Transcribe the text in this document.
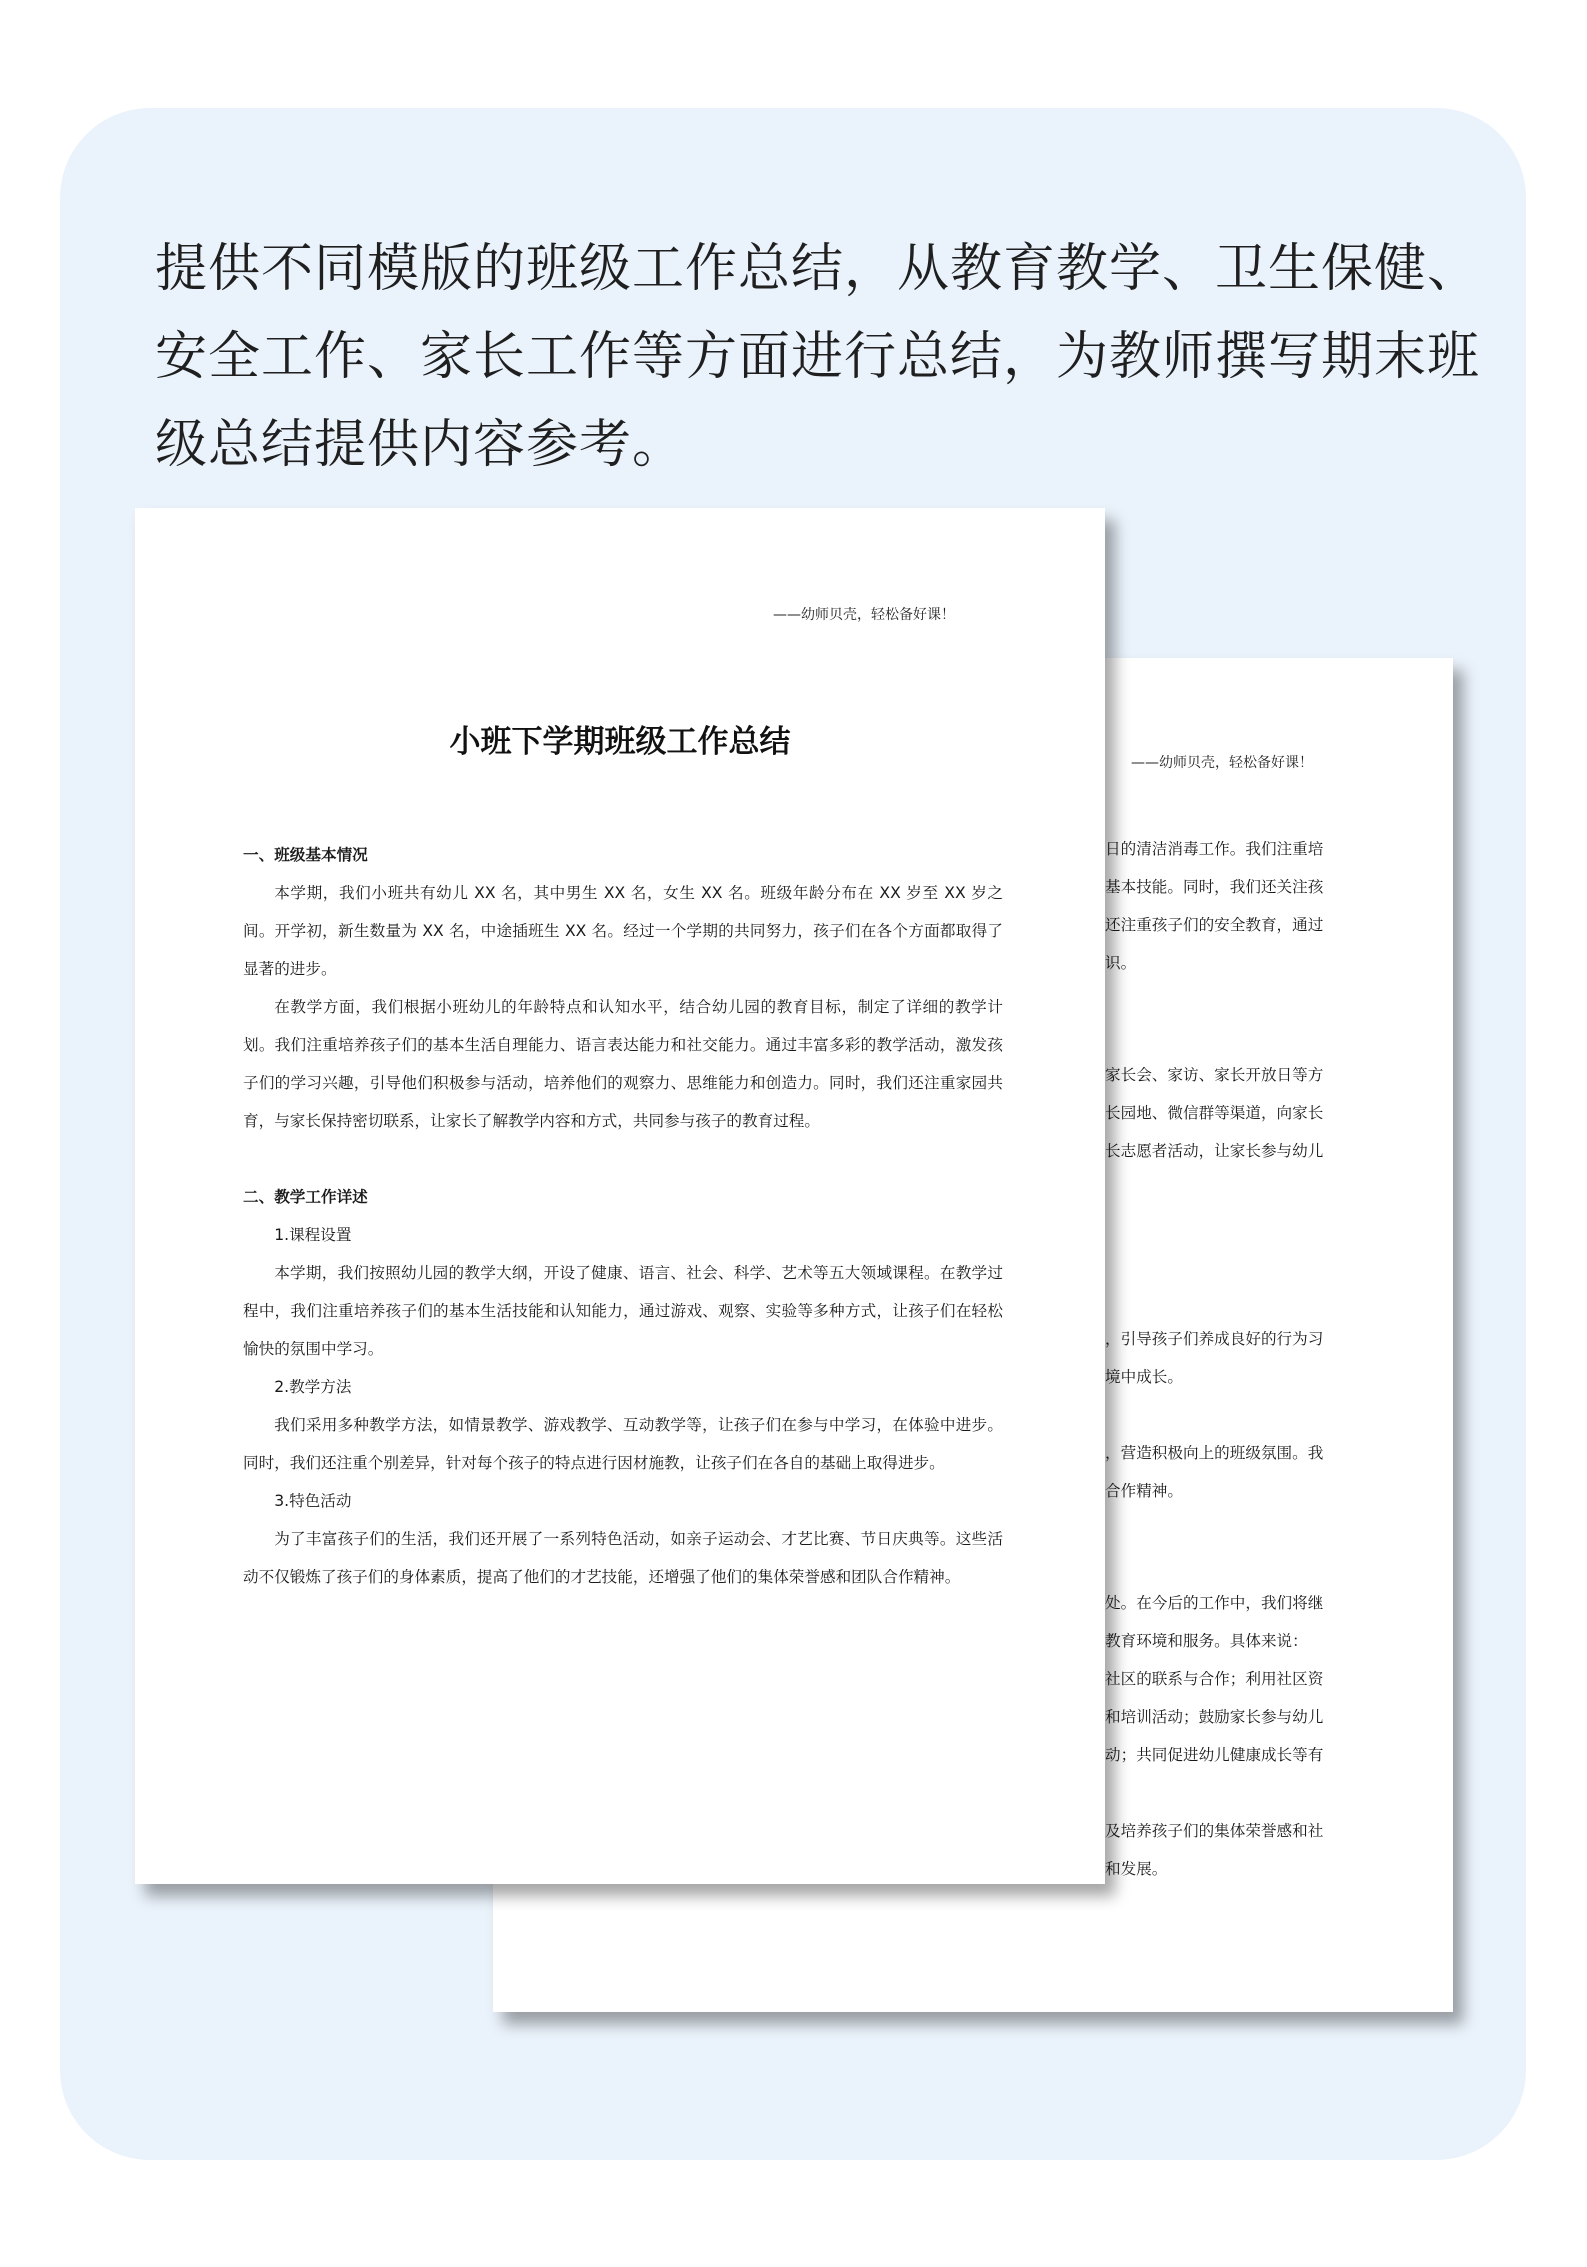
提供不同模版的班级工作总结，从教育教学、卫生保健、安全工作、家长工作等方面进行总结，为教师撰写期末班级总结提供内容参考。
——幼师贝壳，轻松备好课！
日的清洁消毒工作。我们注重培
基本技能。同时，我们还关注孩
还注重孩子们的安全教育，通过
识。
家长会、家访、家长开放日等方
长园地、微信群等渠道，向家长
长志愿者活动，让家长参与幼儿
，引导孩子们养成良好的行为习
境中成长。
，营造积极向上的班级氛围。我
合作精神。
处。在今后的工作中，我们将继
教育环境和服务。具体来说：
社区的联系与合作；利用社区资
和培训活动；鼓励家长参与幼儿
动；共同促进幼儿健康成长等有
及培养孩子们的集体荣誉感和社
和发展。
——幼师贝壳，轻松备好课！
小班下学期班级工作总结

一、班级基本情况

本学期，我们小班共有幼儿 XX 名，其中男生 XX 名，女生 XX 名。班级年龄分布在 XX 岁至 XX 岁之间。开学初，新生数量为 XX 名，中途插班生 XX 名。经过一个学期的共同努力，孩子们在各个方面都取得了显著的进步。

在教学方面，我们根据小班幼儿的年龄特点和认知水平，结合幼儿园的教育目标，制定了详细的教学计划。我们注重培养孩子们的基本生活自理能力、语言表达能力和社交能力。通过丰富多彩的教学活动，激发孩子们的学习兴趣，引导他们积极参与活动，培养他们的观察力、思维能力和创造力。同时，我们还注重家园共育，与家长保持密切联系，让家长了解教学内容和方式，共同参与孩子的教育过程。

二、教学工作详述

1.课程设置

本学期，我们按照幼儿园的教学大纲，开设了健康、语言、社会、科学、艺术等五大领域课程。在教学过程中，我们注重培养孩子们的基本生活技能和认知能力，通过游戏、观察、实验等多种方式，让孩子们在轻松愉快的氛围中学习。

2.教学方法

我们采用多种教学方法，如情景教学、游戏教学、互动教学等，让孩子们在参与中学习，在体验中进步。同时，我们还注重个别差异，针对每个孩子的特点进行因材施教，让孩子们在各自的基础上取得进步。

3.特色活动

为了丰富孩子们的生活，我们还开展了一系列特色活动，如亲子运动会、才艺比赛、节日庆典等。这些活动不仅锻炼了孩子们的身体素质，提高了他们的才艺技能，还增强了他们的集体荣誉感和团队合作精神。
